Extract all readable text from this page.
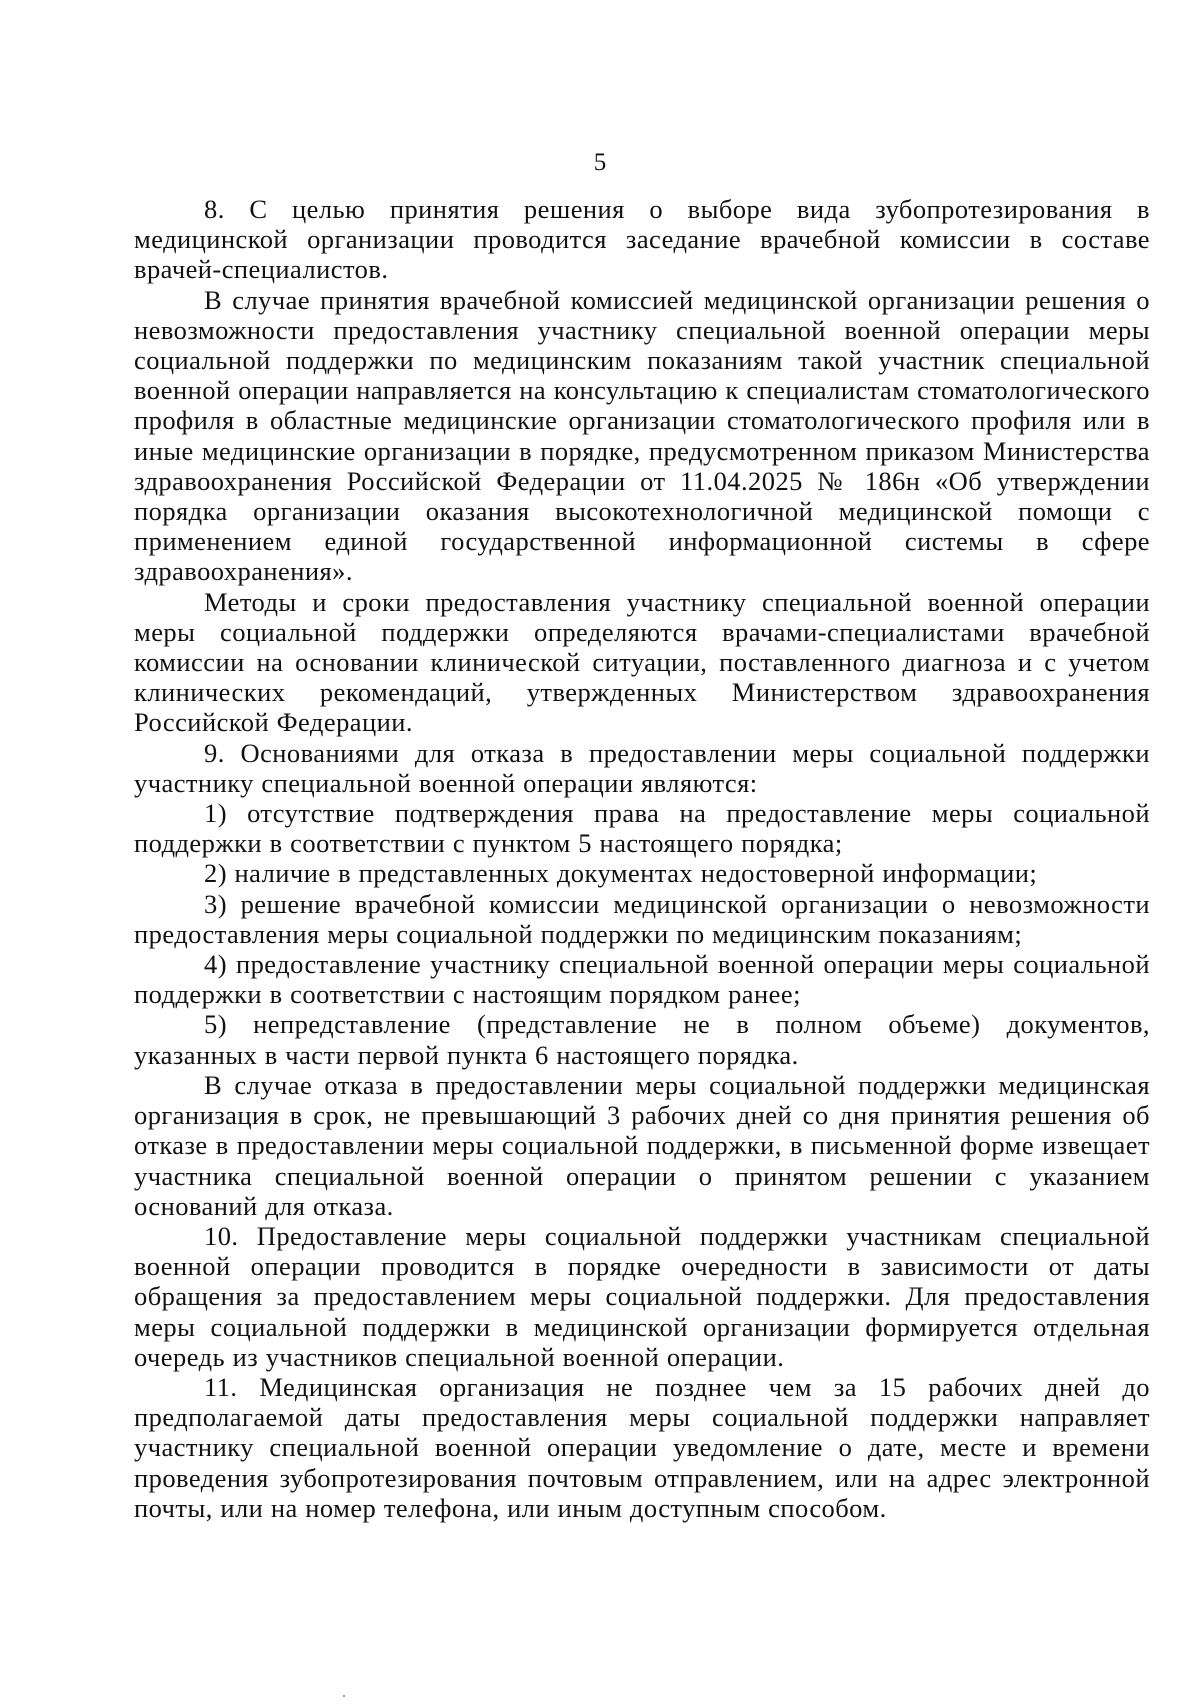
5

8. С целью принятия решения о выборе вида зубопротезирования в медицинской организации проводится заседание врачебной комиссии в составе врачей-специалистов.

В случае принятия врачебной комиссией медицинской организации решения о невозможности предоставления участнику специальной военной операции меры социальной поддержки по медицинским показаниям такой участник специальной военной операции направляется на консультацию к специалистам стоматологического профиля в областные медицинские организации стоматологического профиля или в иные медицинские организации в порядке, предусмотренном приказом Министерства здравоохранения Российской Федерации от 11.04.2025 № 186н «Об утверждении порядка организации оказания высокотехнологичной медицинской помощи с применением единой государственной информационной системы в сфере здравоохранения».

Методы и сроки предоставления участнику специальной военной операции меры социальной поддержки определяются врачами-специалистами врачебной комиссии на основании клинической ситуации, поставленного диагноза и с учетом клинических рекомендаций, утвержденных Министерством здравоохранения Российской Федерации.

9. Основаниями для отказа в предоставлении меры социальной поддержки участнику специальной военной операции являются:

1) отсутствие подтверждения права на предоставление меры социальной поддержки в соответствии с пунктом 5 настоящего порядка;

2) наличие в представленных документах недостоверной информации;

3) решение врачебной комиссии медицинской организации о невозможности предоставления меры социальной поддержки по медицинским показаниям;

4) предоставление участнику специальной военной операции меры социальной поддержки в соответствии с настоящим порядком ранее;

5) непредставление (представление не в полном объеме) документов, указанных в части первой пункта 6 настоящего порядка.

В случае отказа в предоставлении меры социальной поддержки медицинская организация в срок, не превышающий 3 рабочих дней со дня принятия решения об отказе в предоставлении меры социальной поддержки, в письменной форме извещает участника специальной военной операции о принятом решении с указанием оснований для отказа.

10. Предоставление меры социальной поддержки участникам специальной военной операции проводится в порядке очередности в зависимости от даты обращения за предоставлением меры социальной поддержки. Для предоставления меры социальной поддержки в медицинской организации формируется отдельная очередь из участников специальной военной операции.

11. Медицинская организация не позднее чем за 15 рабочих дней до предполагаемой даты предоставления меры социальной поддержки направляет участнику специальной военной операции уведомление о дате, месте и времени проведения зубопротезирования почтовым отправлением, или на адрес электронной почты, или на номер телефона, или иным доступным способом.
